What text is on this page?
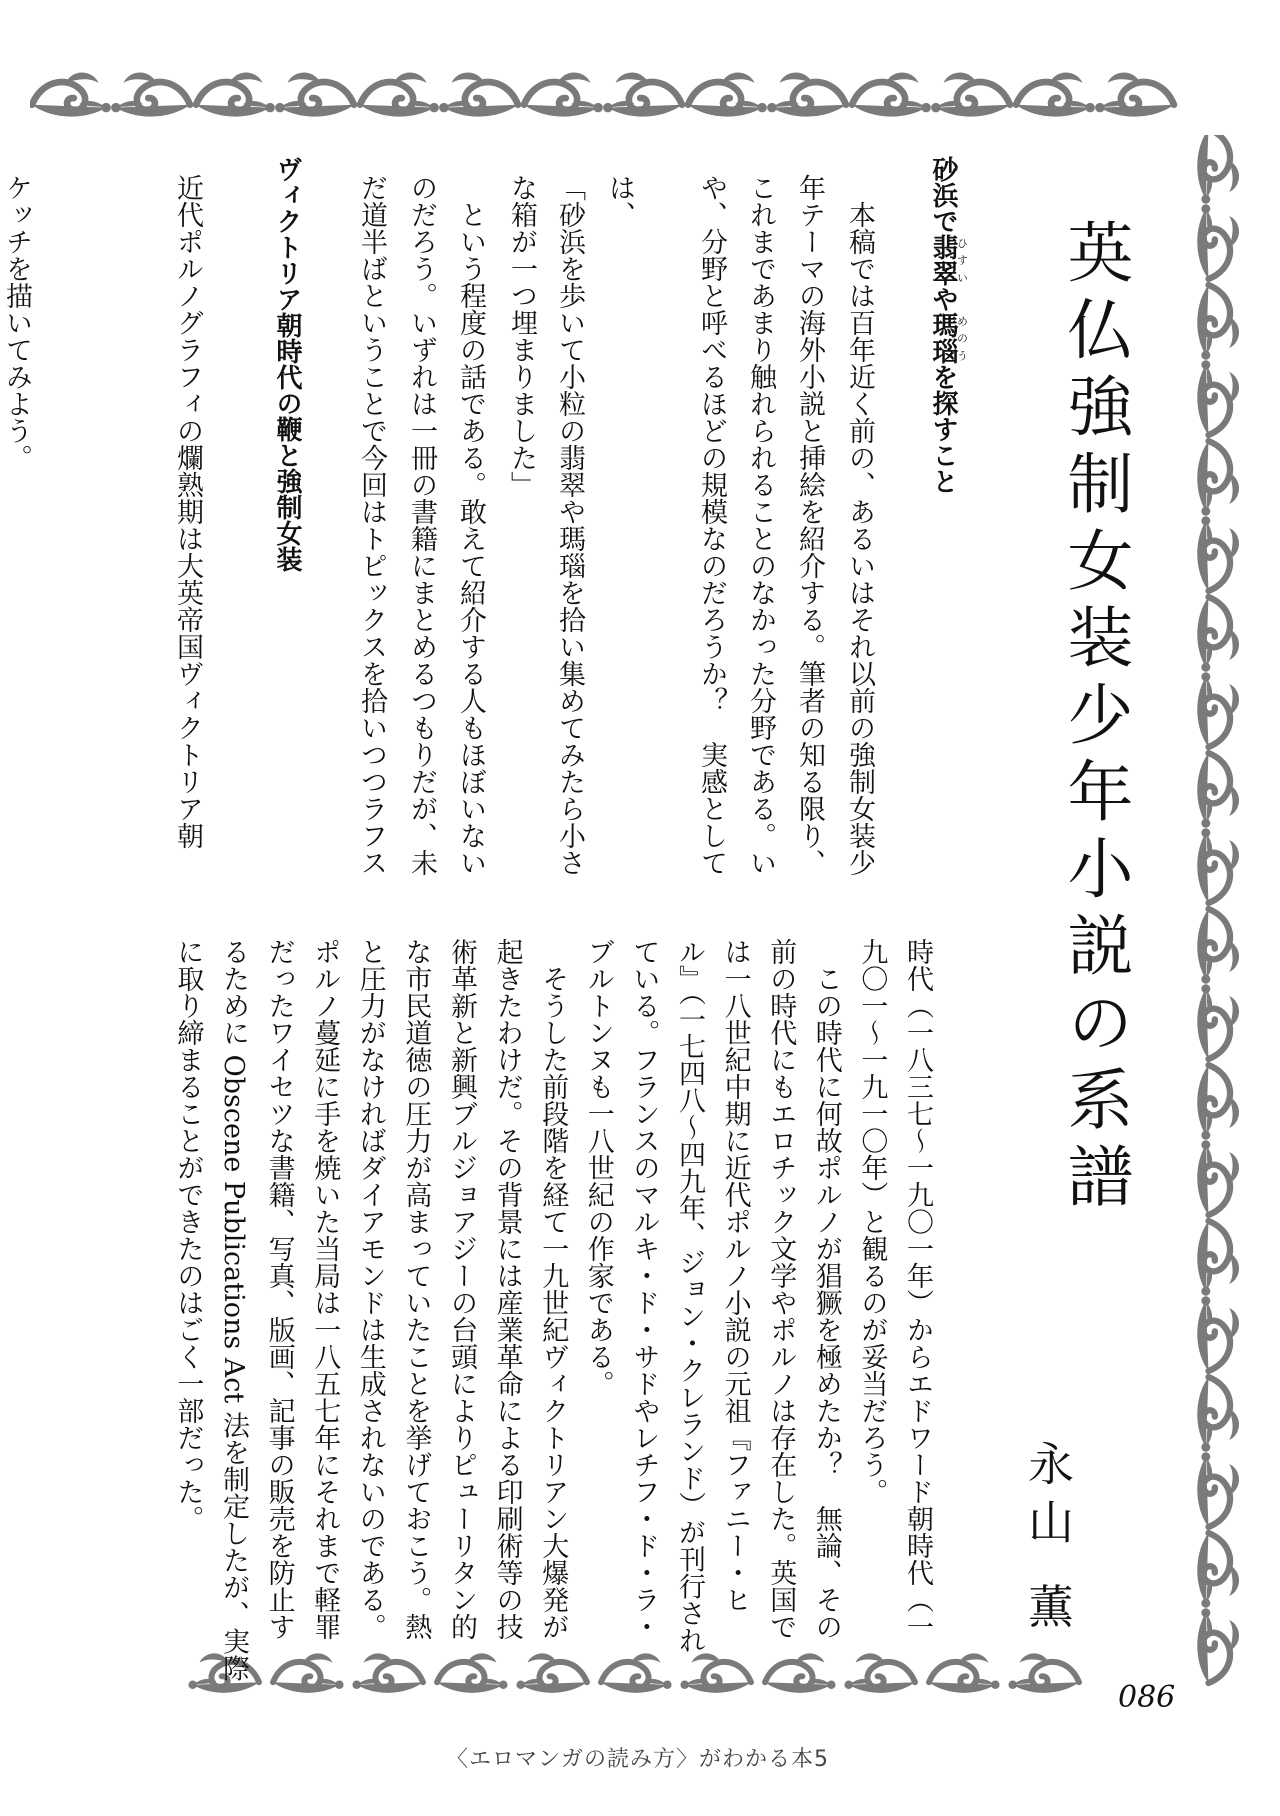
英仏強制女装少年小説の系譜
永山 薫
砂浜で翡翠ひすいや瑪瑙めのうを探すこと
本稿では百年近く前の、あるいはそれ以前の強制女装少
年テーマの海外小説と挿絵を紹介する。筆者の知る限り、
これまであまり触れられることのなかった分野である。い
や、分野と呼べるほどの規模なのだろうか？　実感として
は、
「砂浜を歩いて小粒の翡翠や瑪瑙を拾い集めてみたら小さ
な箱が一つ埋まりました」
　という程度の話である。敢えて紹介する人もほぼいない
のだろう。いずれは一冊の書籍にまとめるつもりだが、未
だ道半ばということで今回はトピックスを拾いつつラフス
ケッチを描いてみよう。	近代ポルノグラフィの爛熟期は大英帝国ヴィクトリア朝	ヴィクトリア朝時代の鞭と強制女装
時代（一八三七～一九〇一年）からエドワード朝時代（一
九〇一～一九一〇年）と観るのが妥当だろう。
　この時代に何故ポルノが猖獗を極めたか？　無論、その
前の時代にもエロチック文学やポルノは存在した。英国で
は一八世紀中期に近代ポルノ小説の元祖『ファニー・ヒ
ル』（一七四八～四九年、ジョン・クレランド）が刊行され
ている。フランスのマルキ・ド・サドやレチフ・ド・ラ・
ブルトンヌも一八世紀の作家である。
　そうした前段階を経て一九世紀ヴィクトリアン大爆発が
起きたわけだ。その背景には産業革命による印刷術等の技
術革新と新興ブルジョアジーの台頭によりピューリタン的
な市民道徳の圧力が高まっていたことを挙げておこう。熱
と圧力がなければダイアモンドは生成されないのである。
ポルノ蔓延に手を焼いた当局は一八五七年にそれまで軽罪
だったワイセツな書籍、写真、版画、記事の販売を防止す
るために Obscene Publications Act 法を制定したが、実際
に取り締まることができたのはごく一部だった。
086
〈エロマンガの読み方〉がわかる本5
